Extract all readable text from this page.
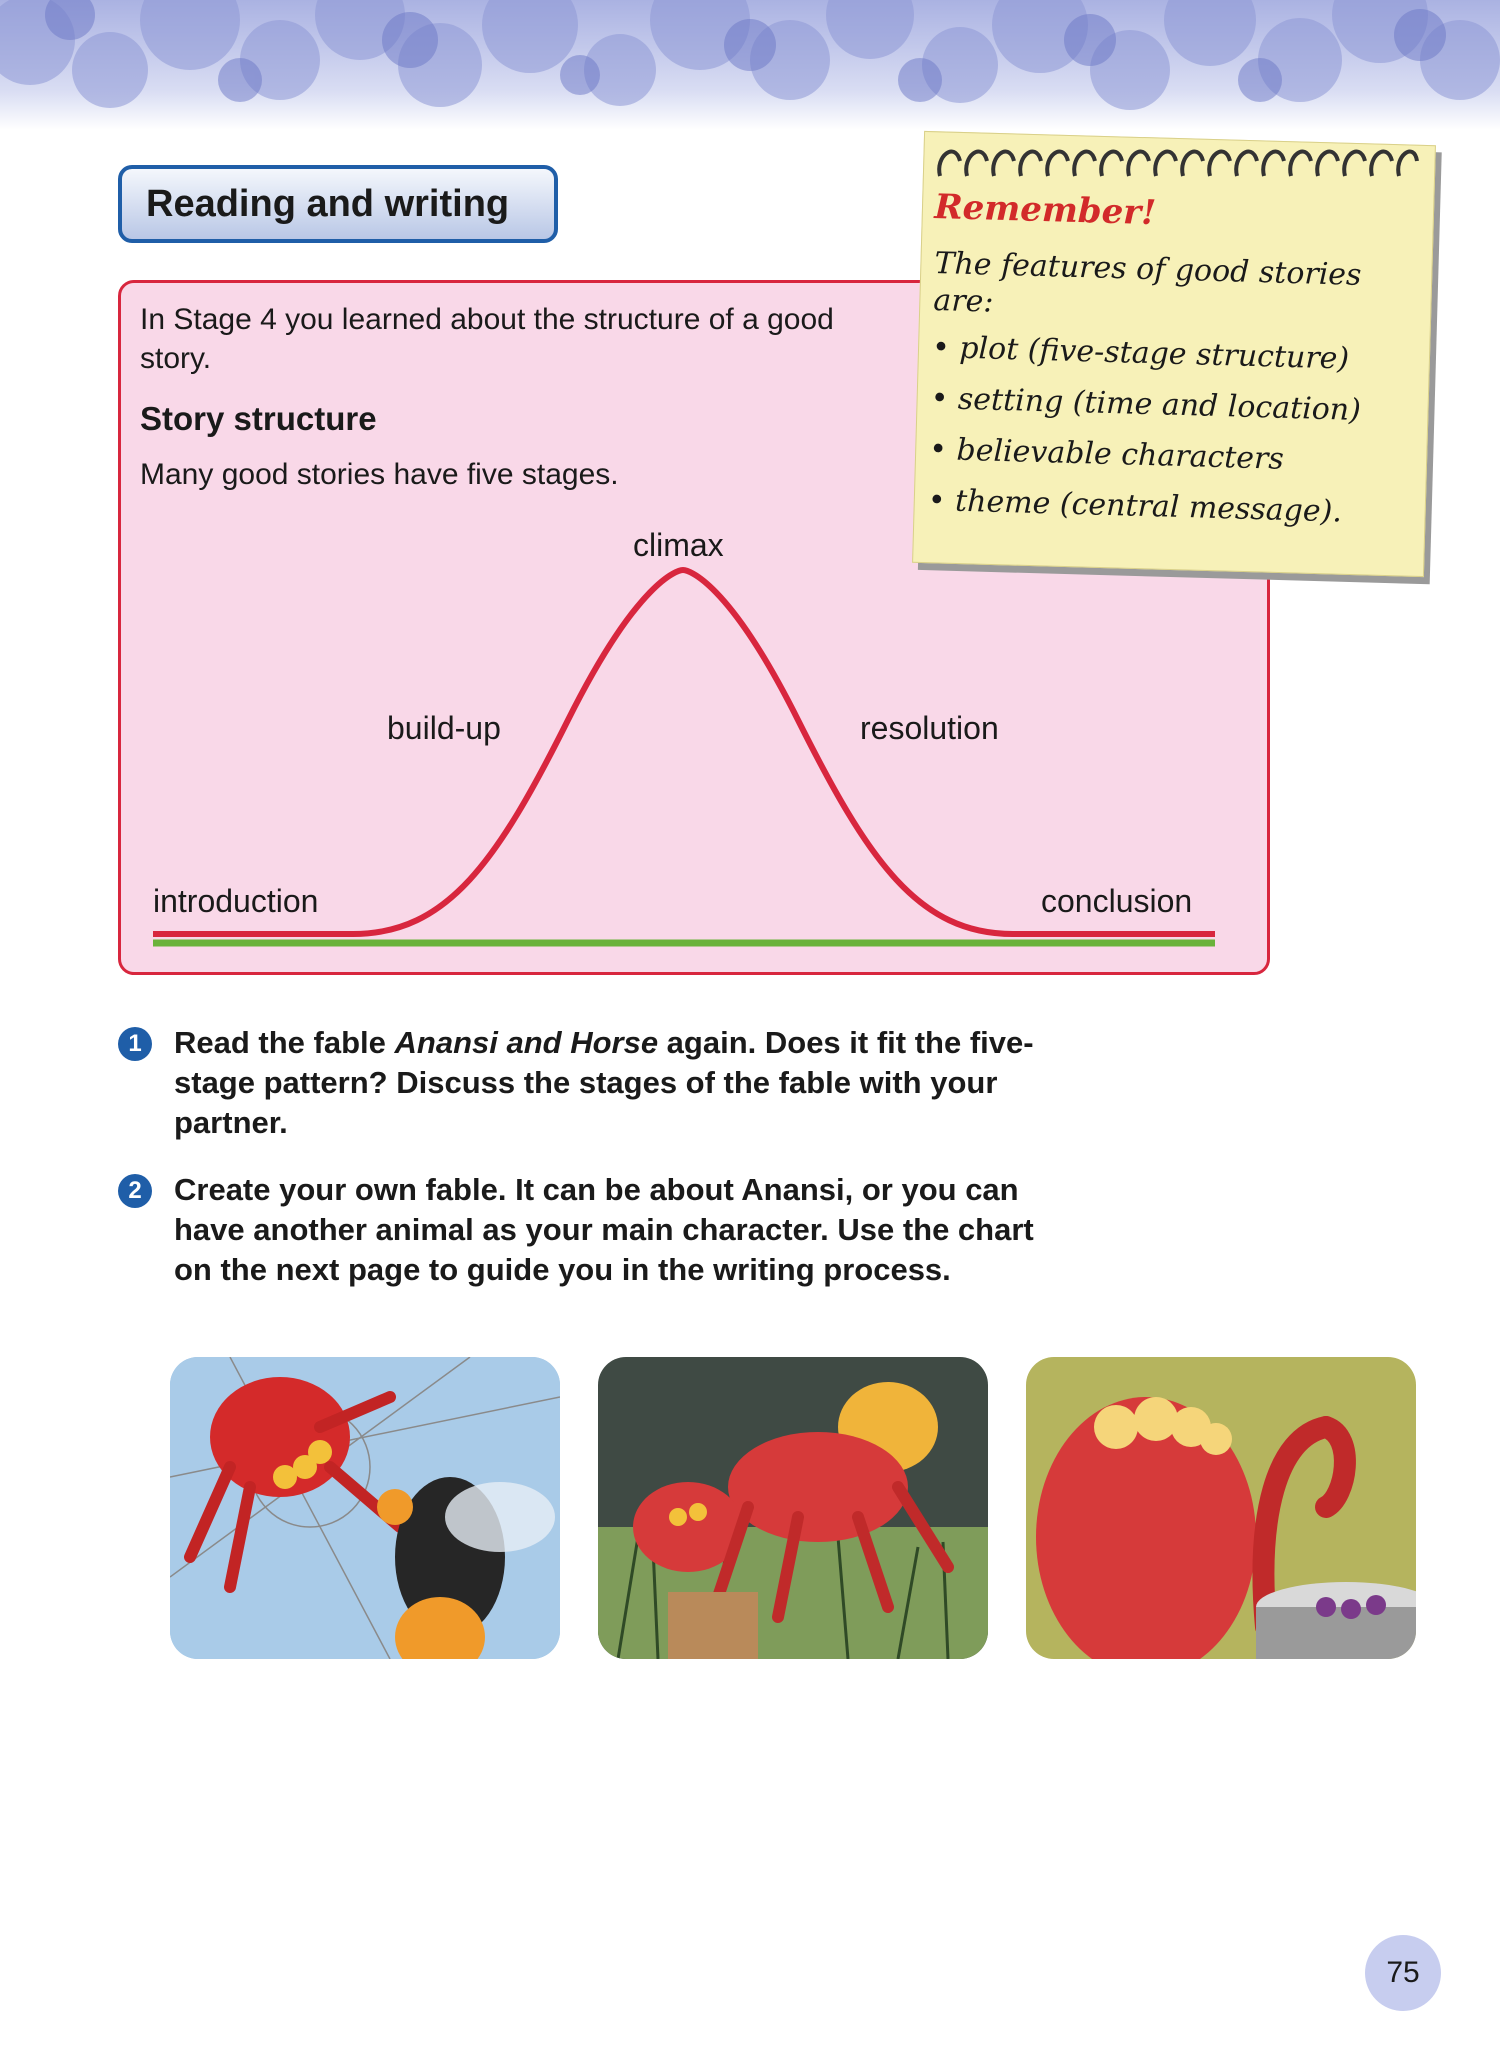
Reading and writing
In Stage 4 you learned about the structure of a good story.
Story structure
Many good stories have five stages.
introduction
build-up
climax
resolution
conclusion
Remember!
The features of good stories are:
• plot (five-stage structure)
• setting (time and location)
• believable characters
• theme (central message).
1	Read the fable Anansi and Horse again. Does it fit the five-stage pattern? Discuss the stages of the fable with your partner.
2	Create your own fable. It can be about Anansi, or you can have another animal as your main character. Use the chart on the next page to guide you in the writing process.
75
